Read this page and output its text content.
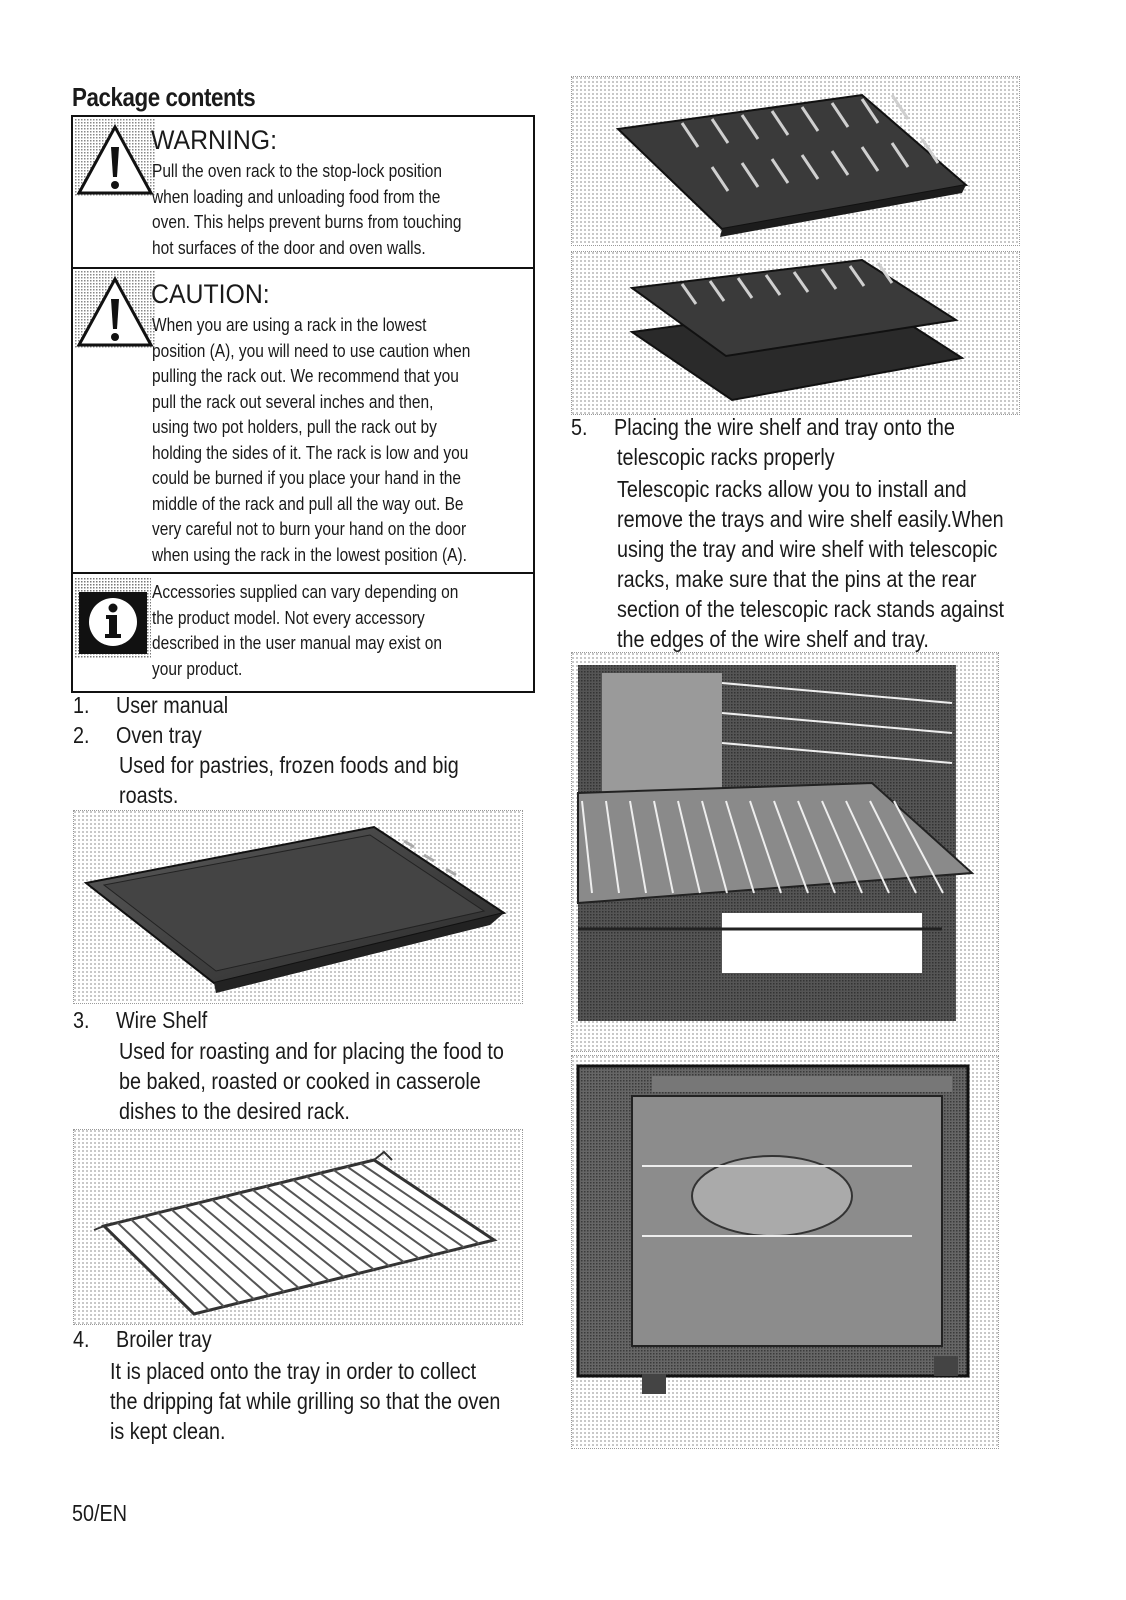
Package contents
WARNING:
Pull the oven rack to the stop-lock position
when loading and unloading food from the
oven. This helps prevent burns from touching
hot surfaces of the door and oven walls.
CAUTION:
When you are using a rack in the lowest
position (A), you will need to use caution when
pulling the rack out. We recommend that you
pull the rack out several inches and then,
using two pot holders, pull the rack out by
holding the sides of it. The rack is low and you
could be burned if you place your hand in the
middle of the rack and pull all the way out. Be
very careful not to burn your hand on the door
when using the rack in the lowest position (A).
Accessories supplied can vary depending on
the product model. Not every accessory
described in the user manual may exist on
your product.
1. User manual
2. Oven tray
Used for pastries, frozen foods and big
roasts.
3. Wire Shelf
Used for roasting and for placing the food to
be baked, roasted or cooked in casserole
dishes to the desired rack.
4. Broiler tray
It is placed onto the tray in order to collect
the dripping fat while grilling so that the oven
is kept clean.
50/EN
5. Placing the wire shelf and tray onto the
telescopic racks properly
Telescopic racks allow you to install and
remove the trays and wire shelf easily.When
using the tray and wire shelf with telescopic
racks, make sure that the pins at the rear
section of the telescopic rack stands against
the edges of the wire shelf and tray.
